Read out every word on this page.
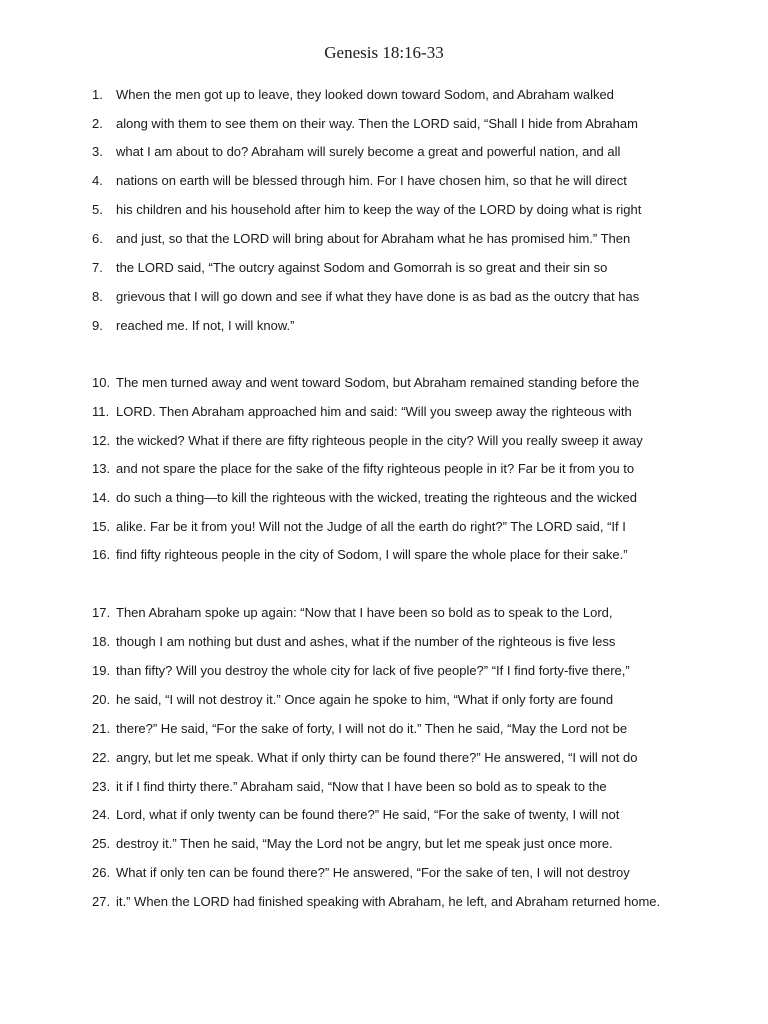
Genesis 18:16-33
1. When the men got up to leave, they looked down toward Sodom, and Abraham walked
2. along with them to see them on their way. Then the LORD said, “Shall I hide from Abraham
3. what I am about to do? Abraham will surely become a great and powerful nation, and all
4. nations on earth will be blessed through him. For I have chosen him, so that he will direct
5. his children and his household after him to keep the way of the LORD by doing what is right
6. and just, so that the LORD will bring about for Abraham what he has promised him.” Then
7. the LORD said, “The outcry against Sodom and Gomorrah is so great and their sin so
8. grievous that I will go down and see if what they have done is as bad as the outcry that has
9. reached me. If not, I will know.”
10. The men turned away and went toward Sodom, but Abraham remained standing before the
11. LORD. Then Abraham approached him and said: “Will you sweep away the righteous with
12. the wicked? What if there are fifty righteous people in the city? Will you really sweep it away
13. and not spare the place for the sake of the fifty righteous people in it? Far be it from you to
14. do such a thing—to kill the righteous with the wicked, treating the righteous and the wicked
15. alike. Far be it from you! Will not the Judge of all the earth do right?” The LORD said, “If I
16. find fifty righteous people in the city of Sodom, I will spare the whole place for their sake.”
17. Then Abraham spoke up again: “Now that I have been so bold as to speak to the Lord,
18. though I am nothing but dust and ashes, what if the number of the righteous is five less
19. than fifty? Will you destroy the whole city for lack of five people?” “If I find forty-five there,”
20. he said, “I will not destroy it.” Once again he spoke to him, “What if only forty are found
21. there?” He said, “For the sake of forty, I will not do it.” Then he said, “May the Lord not be
22. angry, but let me speak. What if only thirty can be found there?” He answered, “I will not do
23. it if I find thirty there.” Abraham said, “Now that I have been so bold as to speak to the
24. Lord, what if only twenty can be found there?” He said, “For the sake of twenty, I will not
25. destroy it.” Then he said, “May the Lord not be angry, but let me speak just once more.
26. What if only ten can be found there?” He answered, “For the sake of ten, I will not destroy
27. it.” When the LORD had finished speaking with Abraham, he left, and Abraham returned home.
